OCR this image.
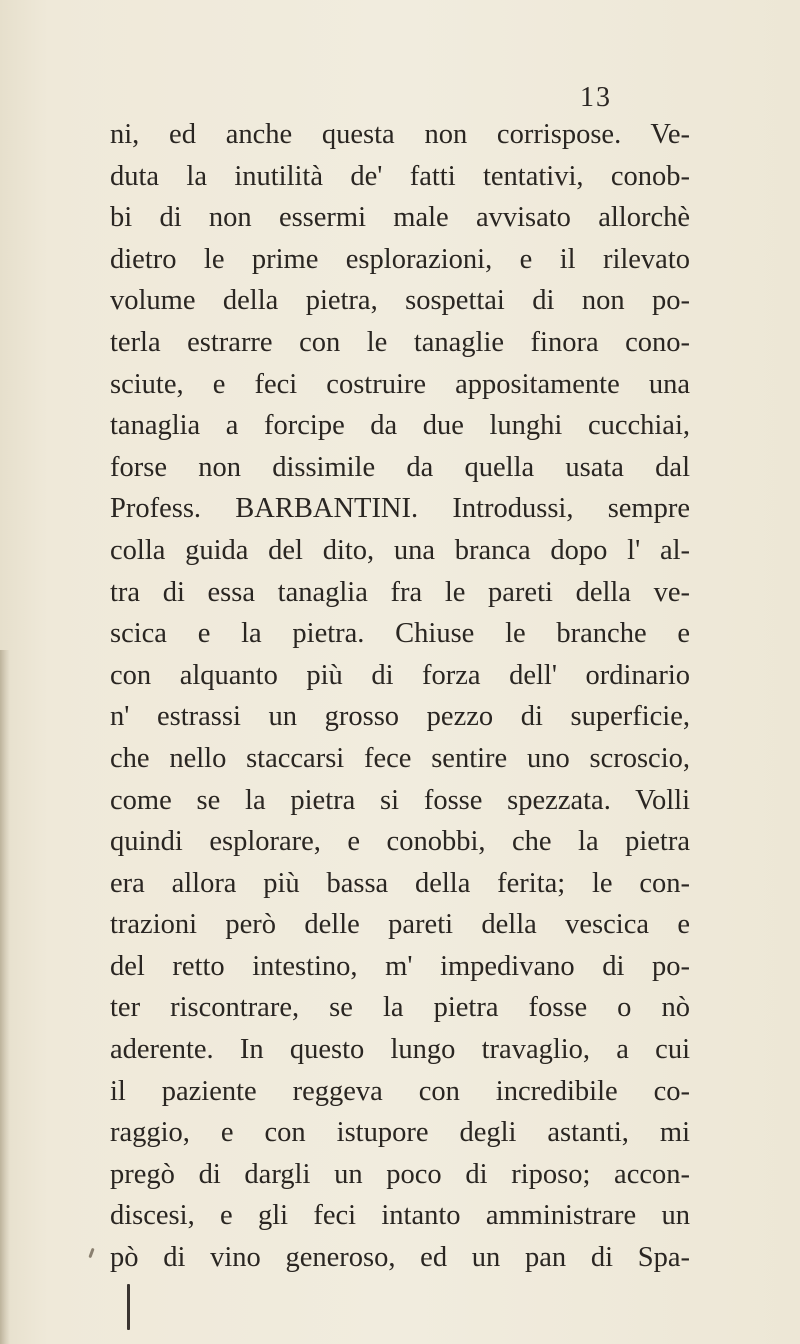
13

ni, ed anche questa non corrispose. Ve-
duta la inutilità de' fatti tentativi, conob-
bi di non essermi male avvisato allorchè
dietro le prime esplorazioni, e il rilevato
volume della pietra, sospettai di non po-
terla estrarre con le tanaglie finora cono-
sciute, e feci costruire appositamente una
tanaglia a forcipe da due lunghi cucchiai,
forse non dissimile da quella usata dal
Profess. BARBANTINI. Introdussi, sempre
colla guida del dito, una branca dopo l' al-
tra di essa tanaglia fra le pareti della ve-
scica e la pietra. Chiuse le branche e
con alquanto più di forza dell' ordinario
n' estrassi un grosso pezzo di superficie,
che nello staccarsi fece sentire uno scroscio,
come se la pietra si fosse spezzata. Volli
quindi esplorare, e conobbi, che la pietra
era allora più bassa della ferita; le con-
trazioni però delle pareti della vescica e
del retto intestino, m' impedivano di po-
ter riscontrare, se la pietra fosse o nò
aderente. In questo lungo travaglio, a cui
il paziente reggeva con incredibile co-
raggio, e con istupore degli astanti, mi
pregò di dargli un poco di riposo; accon-
discesi, e gli feci intanto amministrare un
pò di vino generoso, ed un pan di Spa-
